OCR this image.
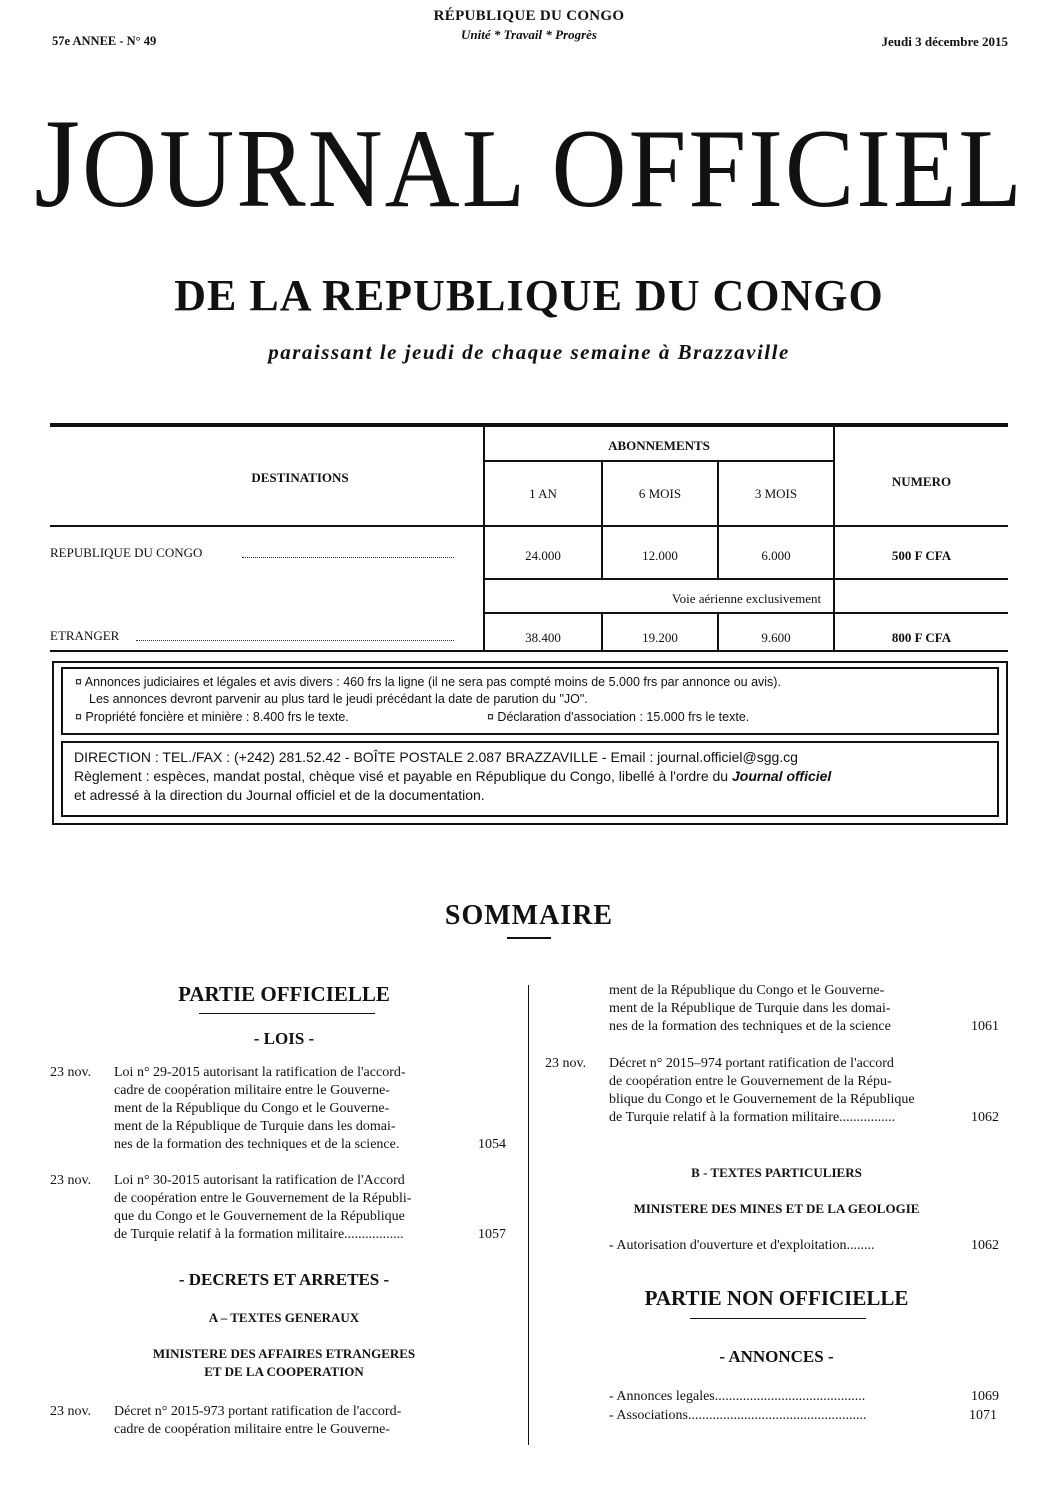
57e ANNEE - N° 49
RÉPUBLIQUE DU CONGO
Unité * Travail * Progrès	Jeudi 3 décembre 2015
JOURNAL OFFICIEL
DE LA REPUBLIQUE DU CONGO
paraissant le jeudi de chaque semaine à Brazzaville
DESTINATIONS
ABONNEMENTS
NUMERO
1 AN	6 MOIS	3 MOIS
REPUBLIQUE DU CONGO	24.000	12.000	6.000	500 F CFA
Voie aérienne exclusivement
ETRANGER	38.400	19.200	9.600	800 F CFA
¤ Annonces judiciaires et légales et avis divers : 460 frs la ligne (il ne sera pas compté moins de 5.000 frs par annonce ou avis).
Les annonces devront parvenir au plus tard le jeudi précédant la date de parution du "JO".
¤ Propriété foncière et minière : 8.400 frs le texte.	¤ Déclaration d'association : 15.000 frs le texte.
DIRECTION : TEL./FAX : (+242) 281.52.42 - BOÎTE POSTALE 2.087 BRAZZAVILLE - Email : journal.officiel@sgg.cg
Règlement : espèces, mandat postal, chèque visé et payable en République du Congo, libellé à l'ordre du Journal officiel
et adressé à la direction du Journal officiel et de la documentation.
SOMMAIRE
PARTIE OFFICIELLE
- LOIS -
23 nov. Loi n° 29-2015 autorisant la ratification de l'accord-
cadre de coopération militaire entre le Gouverne-
ment de la République du Congo et le Gouverne-
ment de la République de Turquie dans les domai-
nes de la formation des techniques et de la science.	1054
23 nov. Loi n° 30-2015 autorisant la ratification de l'Accord
de coopération entre le Gouvernement de la Républi-
que du Congo et le Gouvernement de la République
de Turquie relatif à la formation militaire.................	1057
- DECRETS ET ARRETES -
A – TEXTES GENERAUX
MINISTERE DES AFFAIRES ETRANGERES
ET DE LA COOPERATION
23 nov. Décret n° 2015-973 portant ratification de l'accord-
cadre de coopération militaire entre le Gouverne-
ment de la République du Congo et le Gouverne-
ment de la République de Turquie dans les domai-
nes de la formation des techniques et de la science	1061
23 nov. Décret n° 2015–974 portant ratification de l'accord
de coopération entre le Gouvernement de la Répu-
blique du Congo et le Gouvernement de la République
de Turquie relatif à la formation militaire................	1062
B - TEXTES PARTICULIERS
MINISTERE DES MINES ET DE LA GEOLOGIE
- Autorisation d'ouverture et d'exploitation........	1062
PARTIE NON OFFICIELLE
- ANNONCES -
- Annonces legales...........................................	1069
- Associations...................................................	1071
